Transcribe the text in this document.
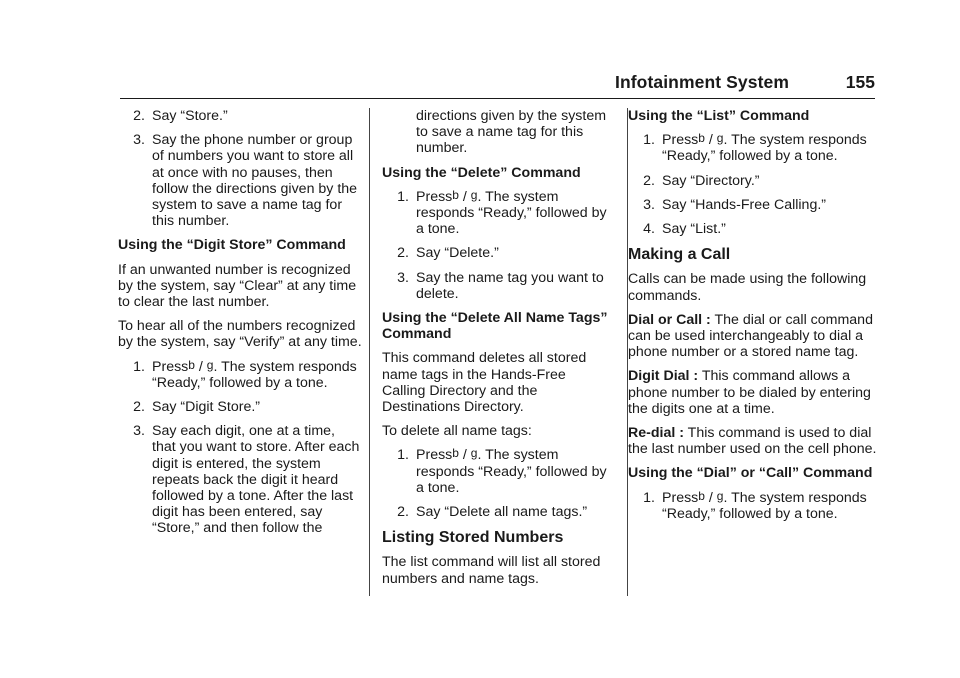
Infotainment System	155
2. Say “Store.”
3. Say the phone number or group of numbers you want to store all at once with no pauses, then follow the directions given by the system to save a name tag for this number.
Using the “Digit Store” Command

If an unwanted number is recognized by the system, say “Clear” at any time to clear the last number.

To hear all of the numbers recognized by the system, say “Verify” at any time.

1. Pressb / g. The system responds “Ready,” followed by a tone.
2. Say “Digit Store.”
3. Say each digit, one at a time, that you want to store. After each digit is entered, the system repeats back the digit it heard followed by a tone. After the last digit has been entered, say “Store,” and then follow the
directions given by the system to save a name tag for this number.
Using the “Delete” Command
1. Pressb / g. The system responds “Ready,” followed by a tone.
2. Say “Delete.”
3. Say the name tag you want to delete.
Using the “Delete All Name Tags” Command

This command deletes all stored name tags in the Hands-Free Calling Directory and the Destinations Directory.

To delete all name tags:

1. Pressb / g. The system responds “Ready,” followed by a tone.
2. Say “Delete all name tags.”
Listing Stored Numbers

The list command will list all stored numbers and name tags.

Using the “List” Command
1. Pressb / g. The system responds “Ready,” followed by a tone.
2. Say “Directory.”
3. Say “Hands-Free Calling.”
4. Say “List.”
Making a Call

Calls can be made using the following commands.

Dial or Call : The dial or call command can be used interchangeably to dial a phone number or a stored name tag.

Digit Dial : This command allows a phone number to be dialed by entering the digits one at a time.

Re-dial : This command is used to dial the last number used on the cell phone.

Using the “Dial” or “Call” Command
1. Pressb / g. The system responds “Ready,” followed by a tone.
